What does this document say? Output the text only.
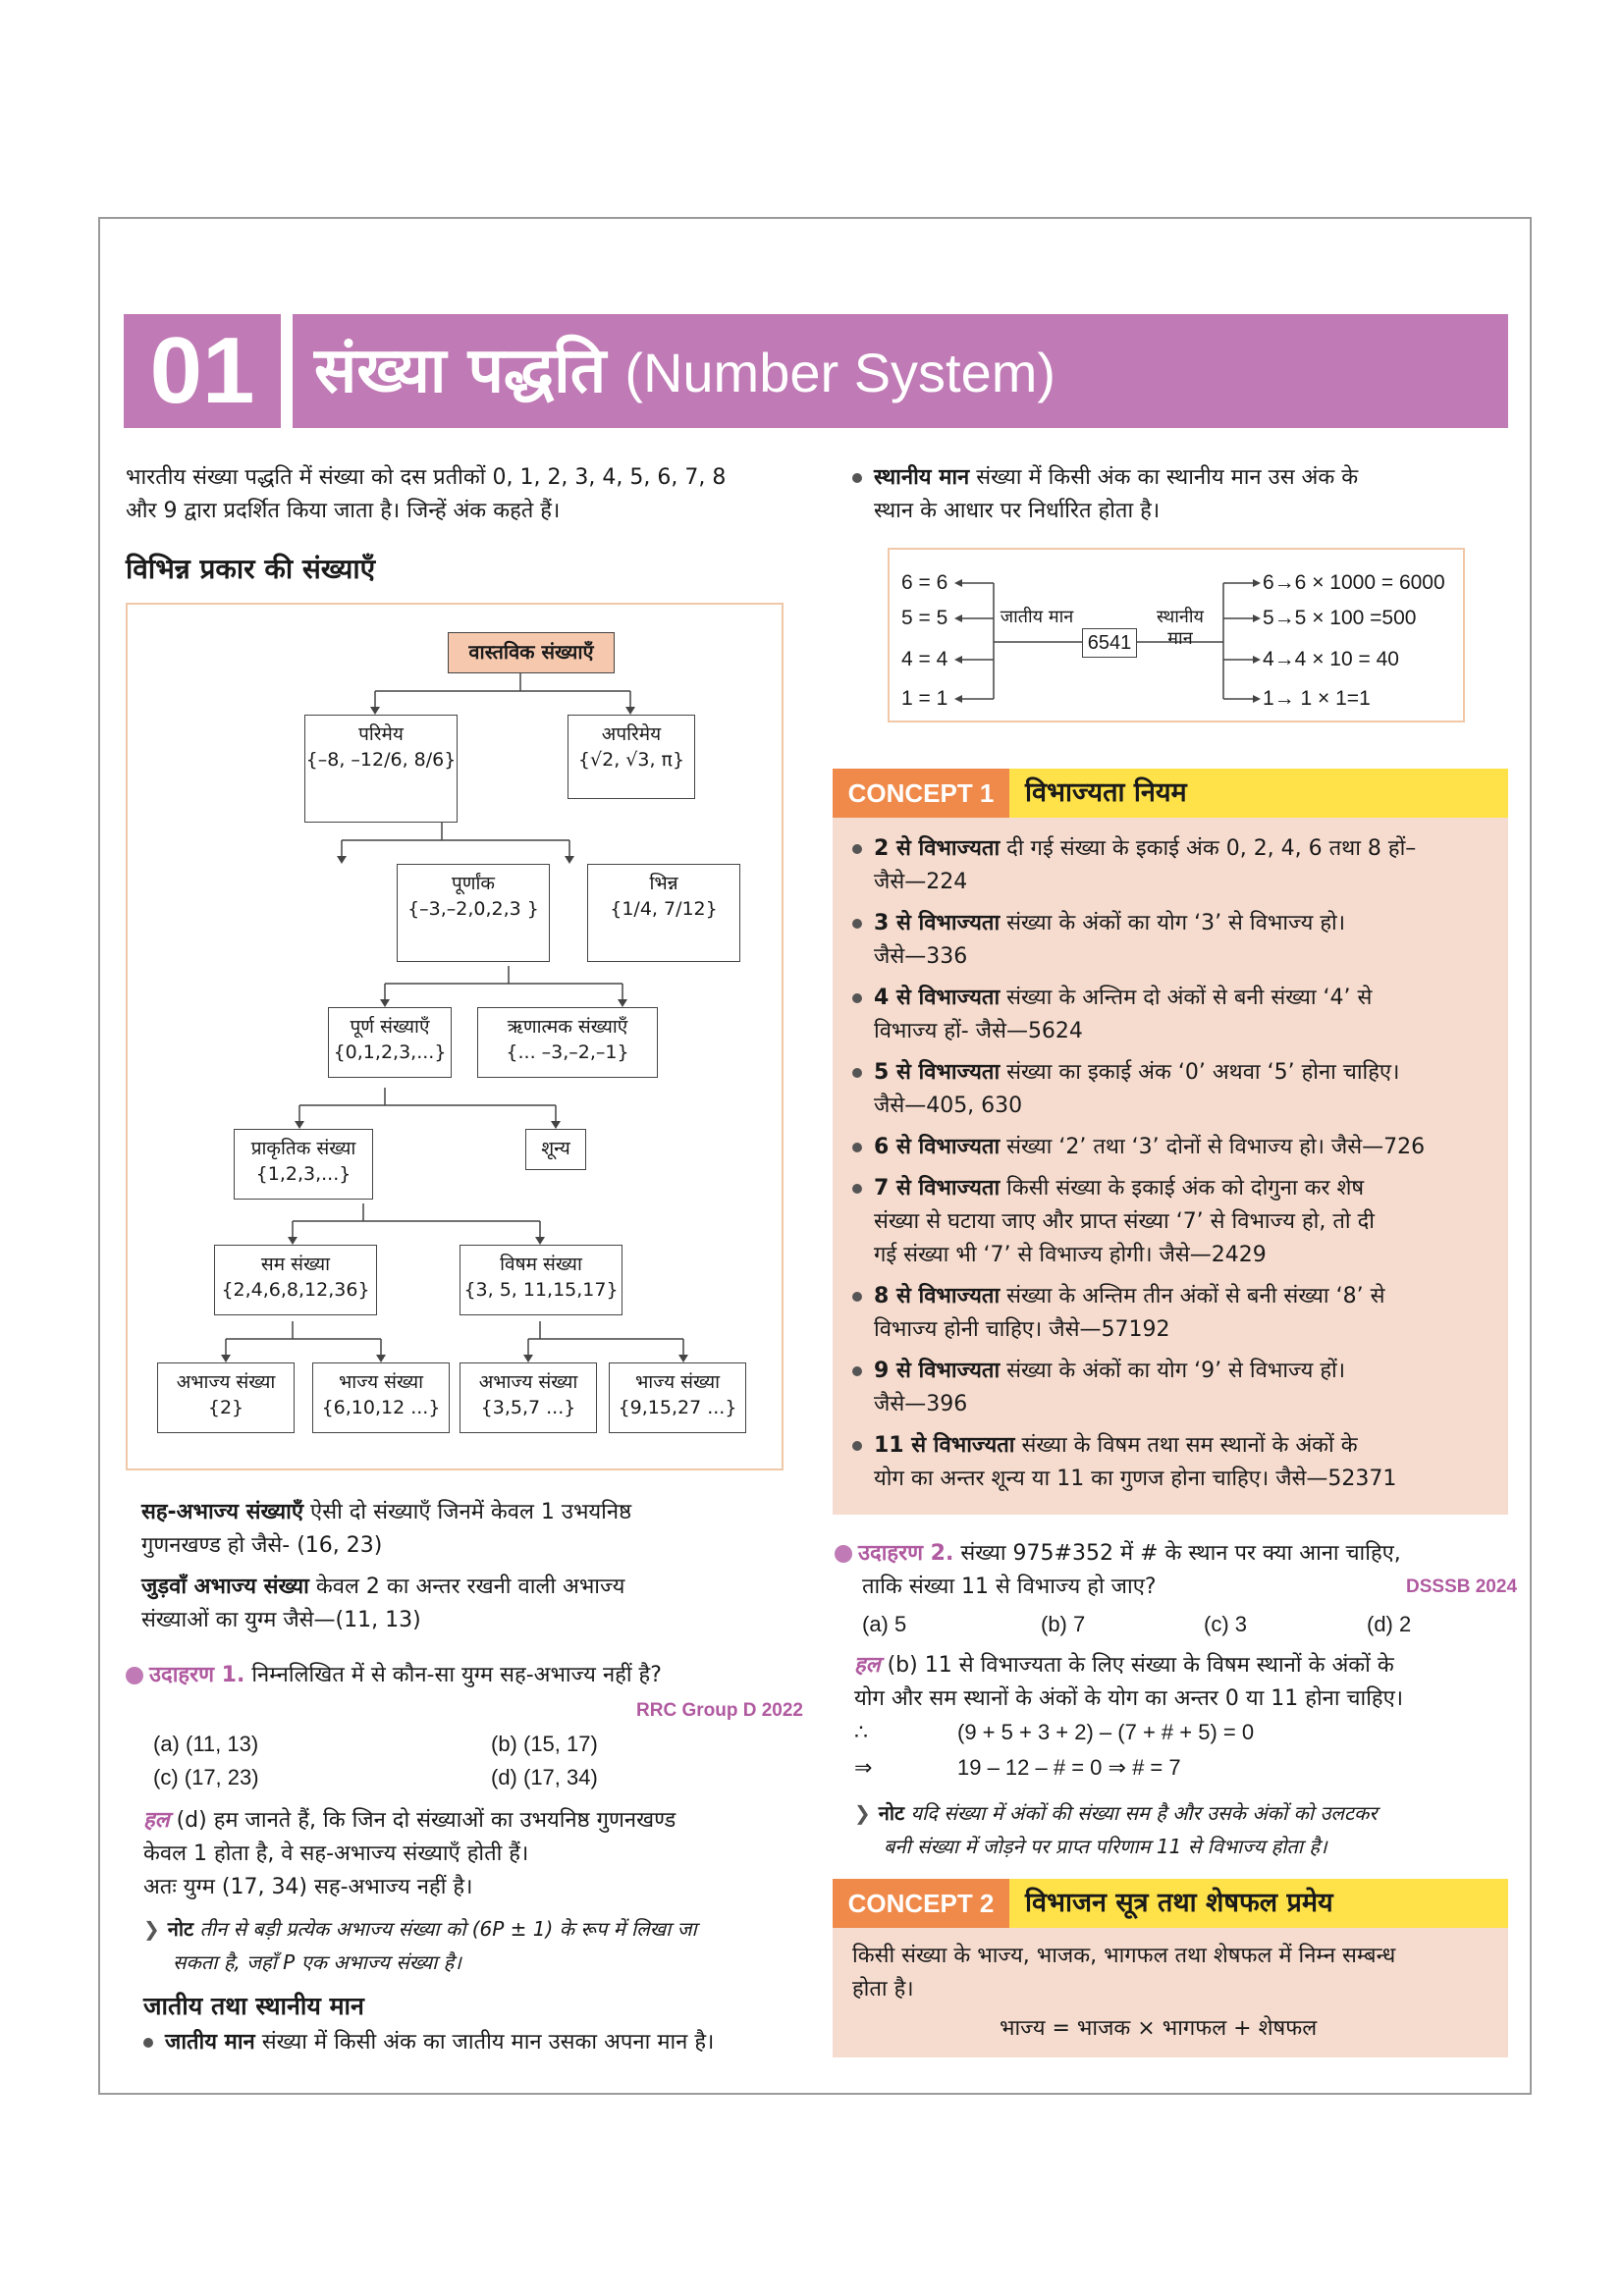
01 संख्या पद्धति (Number System)
भारतीय संख्या पद्धति में संख्या को दस प्रतीकों 0, 1, 2, 3, 4, 5, 6, 7, 8
और 9 द्वारा प्रदर्शित किया जाता है। जिन्हें अंक कहते हैं।
विभिन्न प्रकार की संख्याएँ
वास्तविक संख्याएँ
परिमेय
{–8, –12/6, 8/6}
अपरिमेय
{√2, √3, π}
पूर्णांक
{–3,–2,0,2,3 }
भिन्न
{1/4, 7/12}
पूर्ण संख्याएँ
{0,1,2,3,...}
ऋणात्मक संख्याएँ
{... –3,–2,–1}
प्राकृतिक संख्या
{1,2,3,...}
शून्य
सम संख्या
{2,4,6,8,12,36}
विषम संख्या
{3, 5, 11,15,17}
अभाज्य संख्या
{2}
भाज्य संख्या
{6,10,12 ...}
अभाज्य संख्या
{3,5,7 ...}
भाज्य संख्या
{9,15,27 ...}
सह-अभाज्य संख्याएँ ऐसी दो संख्याएँ जिनमें केवल 1 उभयनिष्ठ
गुणनखण्ड हो जैसे- (16, 23)
जुड़वाँ अभाज्य संख्या केवल 2 का अन्तर रखनी वाली अभाज्य
संख्याओं का युग्म जैसे—(11, 13)
उदाहरण 1. निम्नलिखित में से कौन-सा युग्म सह-अभाज्य नहीं है?
RRC Group D 2022
(a) (11, 13)	(b) (15, 17)
(c) (17, 23)	(d) (17, 34)
हल (d) हम जानते हैं, कि जिन दो संख्याओं का उभयनिष्ठ गुणनखण्ड
केवल 1 होता है, वे सह-अभाज्य संख्याएँ होती हैं।
अतः युग्म (17, 34) सह-अभाज्य नहीं है।
❯ नोट तीन से बड़ी प्रत्येक अभाज्य संख्या को (6P ± 1) के रूप में लिखा जा
सकता है, जहाँ P एक अभाज्य संख्या है।
जातीय तथा स्थानीय मान
जातीय मान संख्या में किसी अंक का जातीय मान उसका अपना मान है।
स्थानीय मान संख्या में किसी अंक का स्थानीय मान उस अंक के
स्थान के आधार पर निर्धारित होता है।
6 = 6
5 = 5
4 = 4
1 = 1
जातीय मान
6541
स्थानीय मान
6→6 × 1000 = 6000
5→5 × 100 =500
4→4 × 10 = 40
1→ 1 × 1=1
CONCEPT 1	विभाज्यता नियम
2 से विभाज्यता दी गई संख्या के इकाई अंक 0, 2, 4, 6 तथा 8 हों–
जैसे—224
3 से विभाज्यता संख्या के अंकों का योग ‘3’ से विभाज्य हो।
जैसे—336
4 से विभाज्यता संख्या के अन्तिम दो अंकों से बनी संख्या ‘4’ से
विभाज्य हों- जैसे—5624
5 से विभाज्यता संख्या का इकाई अंक ‘0’ अथवा ‘5’ होना चाहिए।
जैसे—405, 630
6 से विभाज्यता संख्या ‘2’ तथा ‘3’ दोनों से विभाज्य हो। जैसे—726
7 से विभाज्यता किसी संख्या के इकाई अंक को दोगुना कर शेष
संख्या से घटाया जाए और प्राप्त संख्या ‘7’ से विभाज्य हो, तो दी
गई संख्या भी ‘7’ से विभाज्य होगी। जैसे—2429
8 से विभाज्यता संख्या के अन्तिम तीन अंकों से बनी संख्या ‘8’ से
विभाज्य होनी चाहिए। जैसे—57192
9 से विभाज्यता संख्या के अंकों का योग ‘9’ से विभाज्य हों।
जैसे—396
11 से विभाज्यता संख्या के विषम तथा सम स्थानों के अंकों के
योग का अन्तर शून्य या 11 का गुणज होना चाहिए। जैसे—52371
उदाहरण 2. संख्या 975#352 में # के स्थान पर क्या आना चाहिए,
ताकि संख्या 11 से विभाज्य हो जाए?	DSSSB 2024
(a) 5	(b) 7	(c) 3	(d) 2
हल (b) 11 से विभाज्यता के लिए संख्या के विषम स्थानों के अंकों के
योग और सम स्थानों के अंकों के योग का अन्तर 0 या 11 होना चाहिए।
∴	(9 + 5 + 3 + 2) – (7 + # + 5) = 0
⇒	19 – 12 – # = 0 ⇒ # = 7
❯ नोट यदि संख्या में अंकों की संख्या सम है और उसके अंकों को उलटकर
बनी संख्या में जोड़ने पर प्राप्त परिणाम 11 से विभाज्य होता है।
CONCEPT 2	विभाजन सूत्र तथा शेषफल प्रमेय
किसी संख्या के भाज्य, भाजक, भागफल तथा शेषफल में निम्न सम्बन्ध
होता है।
भाज्य = भाजक × भागफल + शेषफल
